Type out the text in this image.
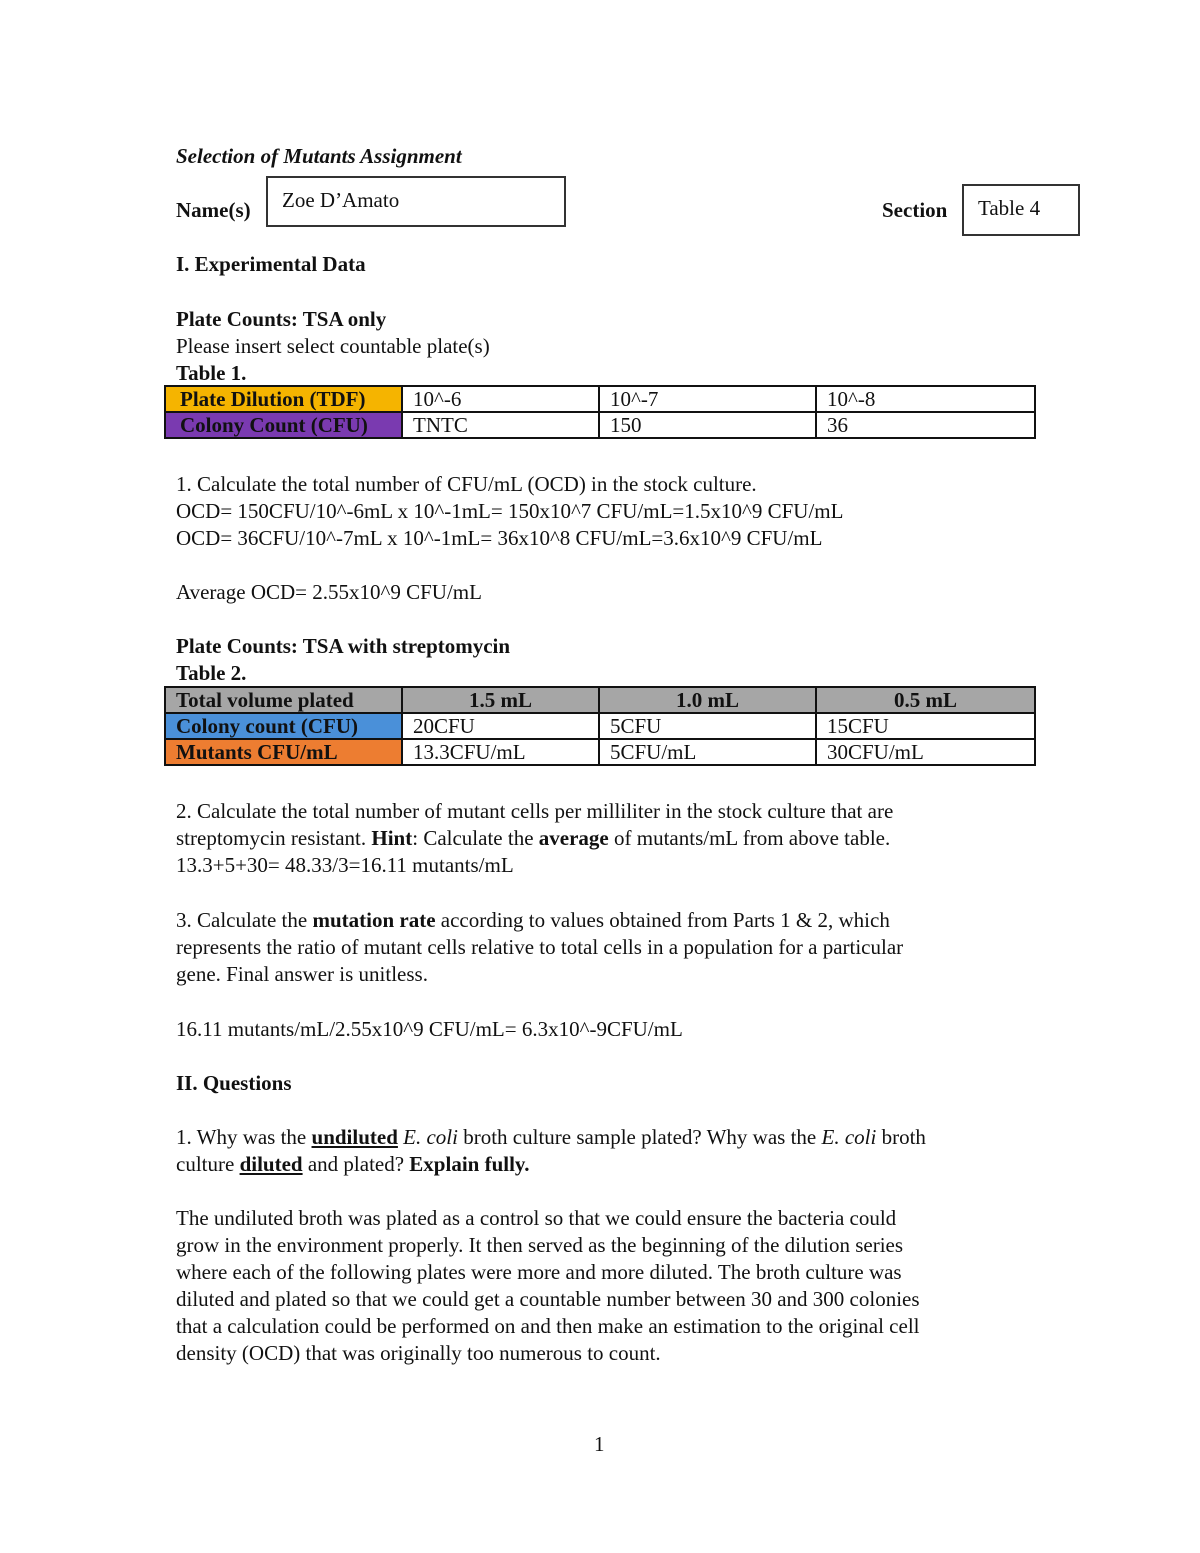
Selection of Mutants Assignment
Name(s)	Zoe D’Amato	Section	Table 4
I. Experimental Data
Plate Counts: TSA only
Please insert select countable plate(s)
Table 1.
Plate Dilution (TDF)	10^-6	10^-7	10^-8
Colony Count (CFU)	TNTC	150	36
1. Calculate the total number of CFU/mL (OCD) in the stock culture.
OCD= 150CFU/10^-6mL x 10^-1mL= 150x10^7 CFU/mL=1.5x10^9 CFU/mL
OCD= 36CFU/10^-7mL x 10^-1mL= 36x10^8 CFU/mL=3.6x10^9 CFU/mL
Average OCD= 2.55x10^9 CFU/mL
Plate Counts: TSA with streptomycin
Table 2.
Total volume plated	1.5 mL	1.0 mL	0.5 mL
Colony count (CFU)	20CFU	5CFU	15CFU
Mutants CFU/mL	13.3CFU/mL	5CFU/mL	30CFU/mL
2. Calculate the total number of mutant cells per milliliter in the stock culture that are
streptomycin resistant. Hint: Calculate the average of mutants/mL from above table.
13.3+5+30= 48.33/3=16.11 mutants/mL
3. Calculate the mutation rate according to values obtained from Parts 1 & 2, which
represents the ratio of mutant cells relative to total cells in a population for a particular
gene. Final answer is unitless.
16.11 mutants/mL/2.55x10^9 CFU/mL= 6.3x10^-9CFU/mL
II. Questions
1. Why was the undiluted E. coli broth culture sample plated? Why was the E. coli broth
culture diluted and plated? Explain fully.
The undiluted broth was plated as a control so that we could ensure the bacteria could
grow in the environment properly. It then served as the beginning of the dilution series
where each of the following plates were more and more diluted. The broth culture was
diluted and plated so that we could get a countable number between 30 and 300 colonies
that a calculation could be performed on and then make an estimation to the original cell
density (OCD) that was originally too numerous to count.
1
